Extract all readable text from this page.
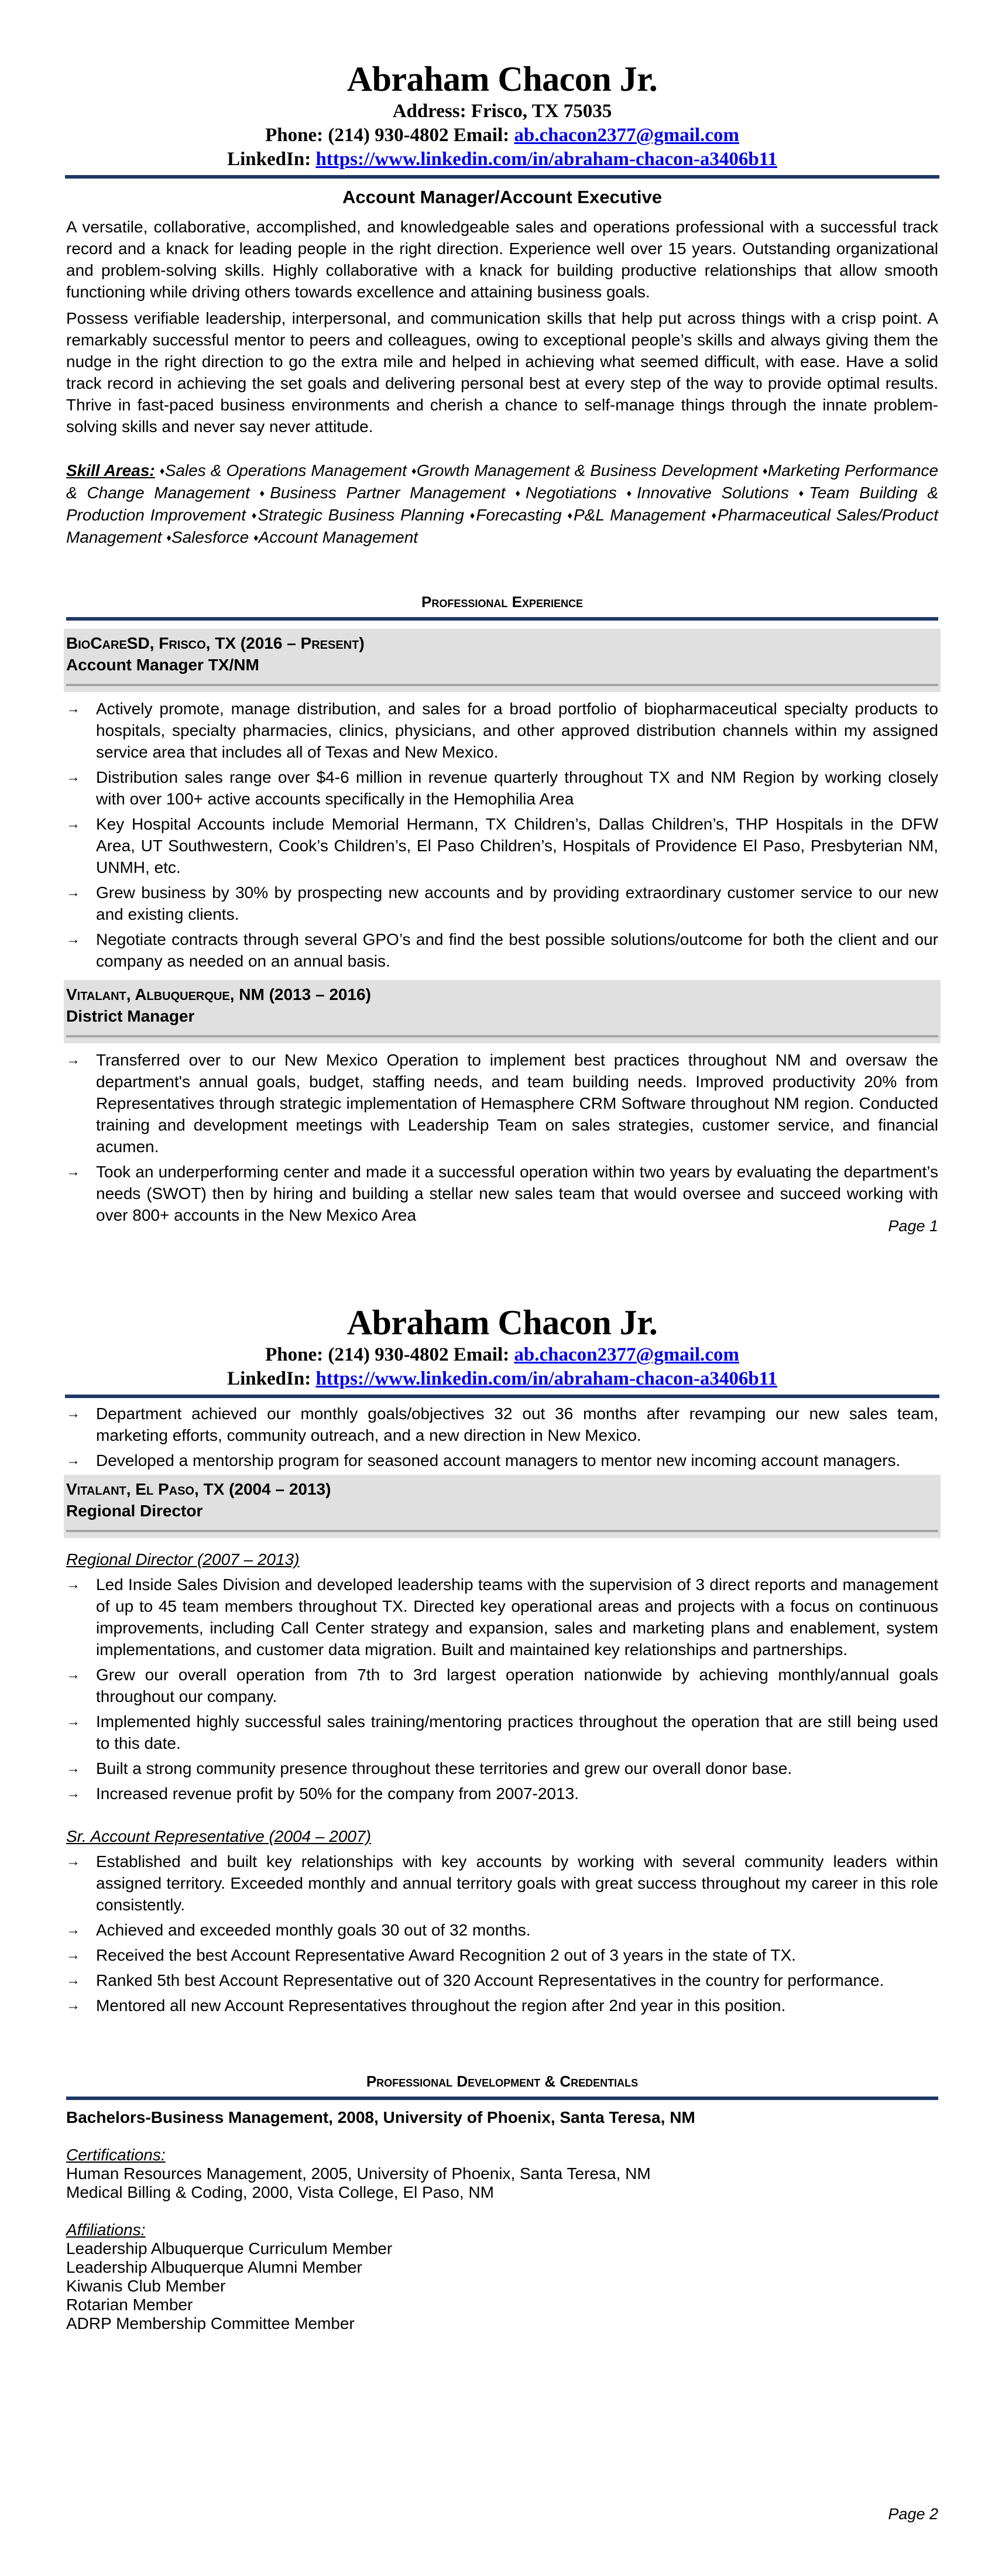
Abraham Chacon Jr.
Address: Frisco, TX 75035
Phone: (214) 930-4802 Email: ab.chacon2377@gmail.com
LinkedIn: https://www.linkedin.com/in/abraham-chacon-a3406b11
Account Manager/Account Executive

A versatile, collaborative, accomplished, and knowledgeable sales and operations professional with a successful track record and a knack for leading people in the right direction. Experience well over 15 years. Outstanding organizational and problem-solving skills. Highly collaborative with a knack for building productive relationships that allow smooth functioning while driving others towards excellence and attaining business goals.

Possess verifiable leadership, interpersonal, and communication skills that help put across things with a crisp point. A remarkably successful mentor to peers and colleagues, owing to exceptional people’s skills and always giving them the nudge in the right direction to go the extra mile and helped in achieving what seemed difficult, with ease. Have a solid track record in achieving the set goals and delivering personal best at every step of the way to provide optimal results. Thrive in fast-paced business environments and cherish a chance to self-manage things through the innate problem-solving skills and never say never attitude.

Skill Areas: ♦Sales & Operations Management ♦Growth Management & Business Development ♦Marketing Performance & Change Management ♦Business Partner Management ♦Negotiations ♦Innovative Solutions ♦Team Building & Production Improvement ♦Strategic Business Planning ♦Forecasting ♦P&L Management ♦Pharmaceutical Sales/Product Management ♦Salesforce ♦Account Management
Professional Experience
BioCareSD, Frisco, TX (2016 – Present)
Account Manager TX/NM
→ Actively promote, manage distribution, and sales for a broad portfolio of biopharmaceutical specialty products to hospitals, specialty pharmacies, clinics, physicians, and other approved distribution channels within my assigned service area that includes all of Texas and New Mexico.
→ Distribution sales range over $4-6 million in revenue quarterly throughout TX and NM Region by working closely with over 100+ active accounts specifically in the Hemophilia Area
→ Key Hospital Accounts include Memorial Hermann, TX Children’s, Dallas Children’s, THP Hospitals in the DFW Area, UT Southwestern, Cook’s Children’s, El Paso Children’s, Hospitals of Providence El Paso, Presbyterian NM, UNMH, etc.
→ Grew business by 30% by prospecting new accounts and by providing extraordinary customer service to our new and existing clients.
→ Negotiate contracts through several GPO’s and find the best possible solutions/outcome for both the client and our company as needed on an annual basis.
Vitalant, Albuquerque, NM (2013 – 2016)
District Manager
→ Transferred over to our New Mexico Operation to implement best practices throughout NM and oversaw the department's annual goals, budget, staffing needs, and team building needs. Improved productivity 20% from Representatives through strategic implementation of Hemasphere CRM Software throughout NM region. Conducted training and development meetings with Leadership Team on sales strategies, customer service, and financial acumen.
→ Took an underperforming center and made it a successful operation within two years by evaluating the department’s needs (SWOT) then by hiring and building a stellar new sales team that would oversee and succeed working with over 800+ accounts in the New Mexico Area
Page 1
Abraham Chacon Jr.
Phone: (214) 930-4802 Email: ab.chacon2377@gmail.com
LinkedIn: https://www.linkedin.com/in/abraham-chacon-a3406b11
→ Department achieved our monthly goals/objectives 32 out 36 months after revamping our new sales team, marketing efforts, community outreach, and a new direction in New Mexico.
→ Developed a mentorship program for seasoned account managers to mentor new incoming account managers.
Vitalant, El Paso, TX (2004 – 2013)
Regional Director
Regional Director (2007 – 2013)
→ Led Inside Sales Division and developed leadership teams with the supervision of 3 direct reports and management of up to 45 team members throughout TX. Directed key operational areas and projects with a focus on continuous improvements, including Call Center strategy and expansion, sales and marketing plans and enablement, system implementations, and customer data migration. Built and maintained key relationships and partnerships.
→ Grew our overall operation from 7th to 3rd largest operation nationwide by achieving monthly/annual goals throughout our company.
→ Implemented highly successful sales training/mentoring practices throughout the operation that are still being used to this date.
→ Built a strong community presence throughout these territories and grew our overall donor base.
→ Increased revenue profit by 50% for the company from 2007-2013.
Sr. Account Representative (2004 – 2007)
→ Established and built key relationships with key accounts by working with several community leaders within assigned territory. Exceeded monthly and annual territory goals with great success throughout my career in this role consistently.
→ Achieved and exceeded monthly goals 30 out of 32 months.
→ Received the best Account Representative Award Recognition 2 out of 3 years in the state of TX.
→ Ranked 5th best Account Representative out of 320 Account Representatives in the country for performance.
→ Mentored all new Account Representatives throughout the region after 2nd year in this position.
Professional Development & Credentials
Bachelors-Business Management, 2008, University of Phoenix, Santa Teresa, NM
Certifications:
Human Resources Management, 2005, University of Phoenix, Santa Teresa, NM
Medical Billing & Coding, 2000, Vista College, El Paso, NM
Affiliations:
Leadership Albuquerque Curriculum Member
Leadership Albuquerque Alumni Member
Kiwanis Club Member
Rotarian Member
ADRP Membership Committee Member
Page 2
